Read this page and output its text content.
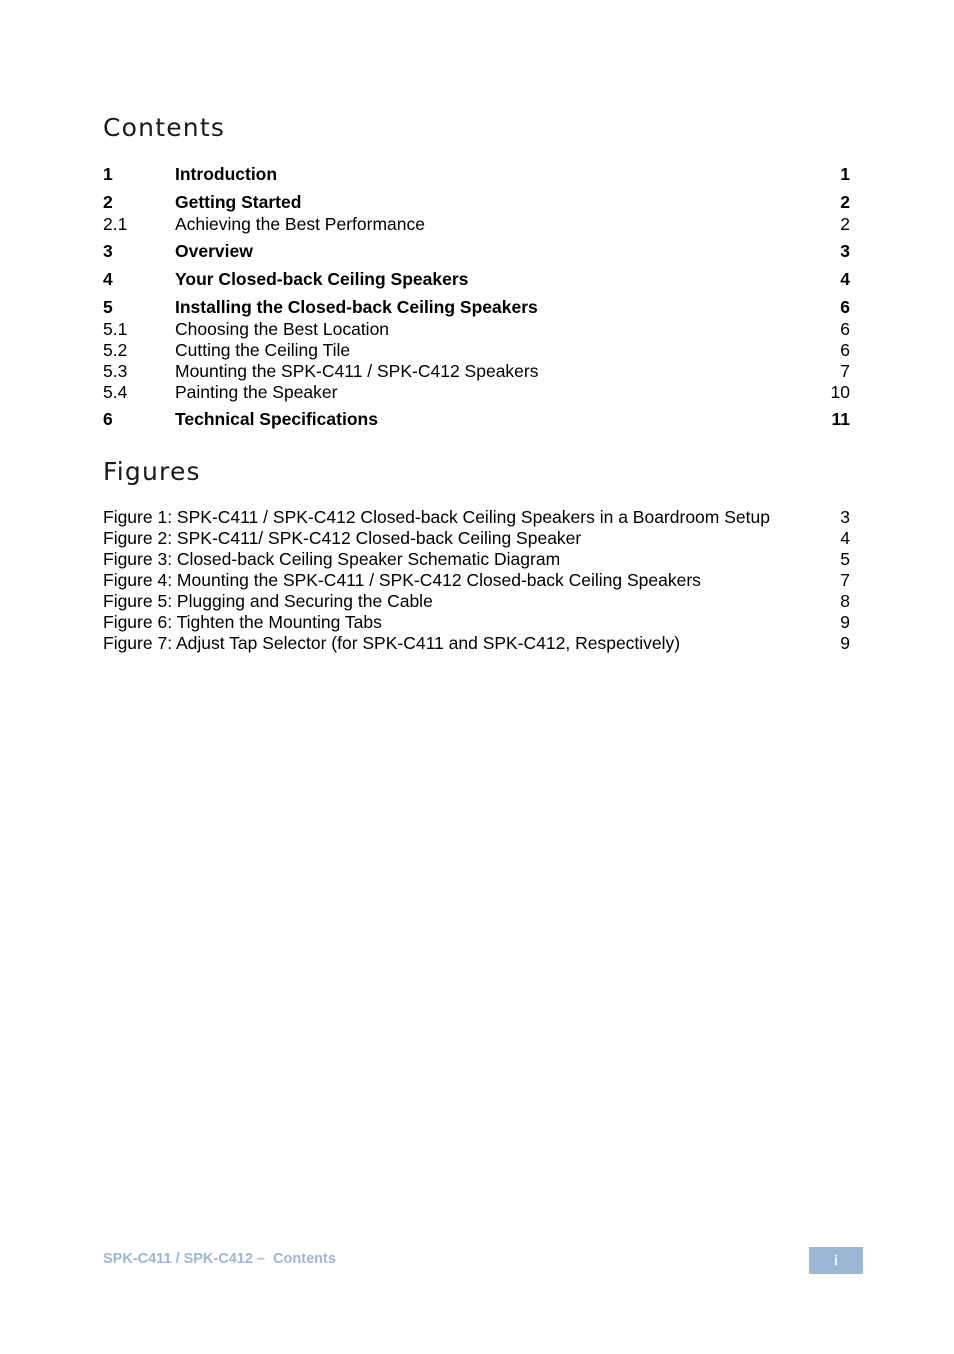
Contents
1	Introduction	1
2	Getting Started	2
2.1	Achieving the Best Performance	2
3	Overview	3
4	Your Closed-back Ceiling Speakers	4
5	Installing the Closed-back Ceiling Speakers	6
5.1	Choosing the Best Location	6
5.2	Cutting the Ceiling Tile	6
5.3	Mounting the SPK-C411 / SPK-C412 Speakers	7
5.4	Painting the Speaker	10
6	Technical Specifications	11
Figures
Figure 1: SPK-C411 / SPK-C412 Closed-back Ceiling Speakers in a Boardroom Setup	3
Figure 2: SPK-C411/ SPK-C412 Closed-back Ceiling Speaker	4
Figure 3: Closed-back Ceiling Speaker Schematic Diagram	5
Figure 4: Mounting the SPK-C411 / SPK-C412 Closed-back Ceiling Speakers	7
Figure 5: Plugging and Securing the Cable	8
Figure 6: Tighten the Mounting Tabs	9
Figure 7: Adjust Tap Selector (for SPK-C411 and SPK-C412, Respectively)	9
SPK-C411 / SPK-C412 –  Contents	i
